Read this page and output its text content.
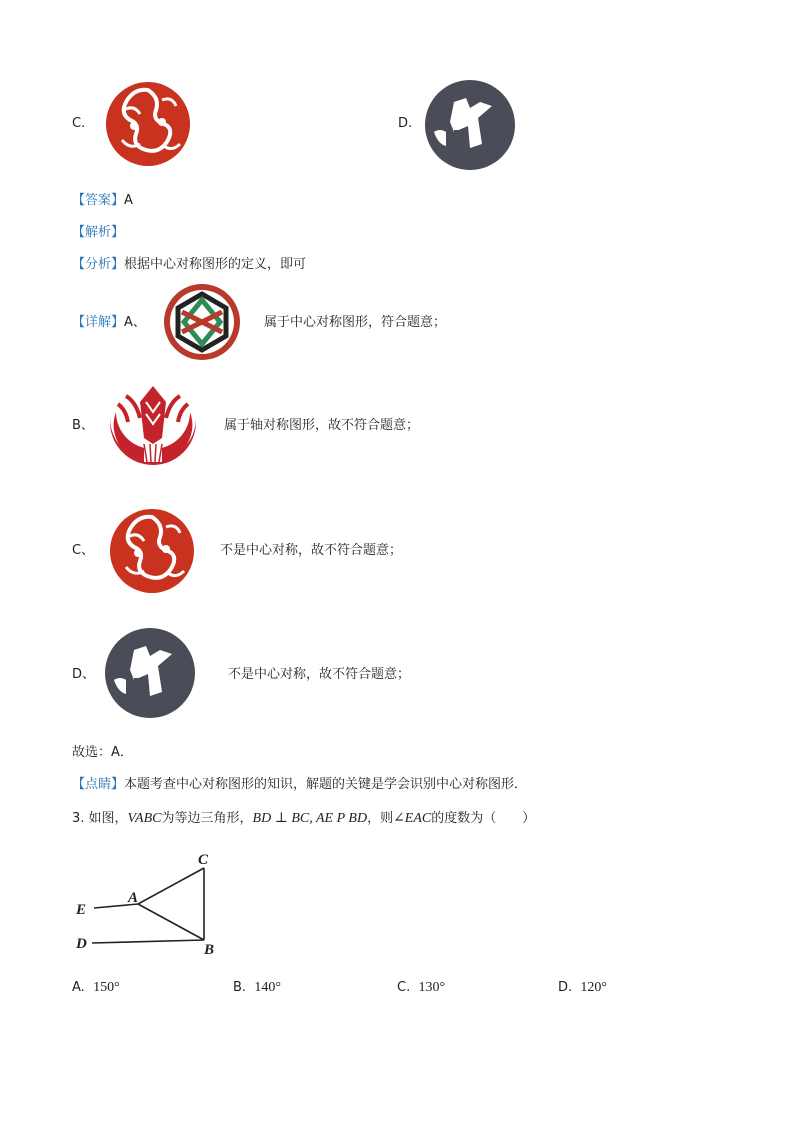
C.	D.
【答案】A
【解析】
【分析】根据中心对称图形的定义，即可
【详解】A、	属于中心对称图形，符合题意；
B、	属于轴对称图形，故不符合题意；
C、	不是中心对称，故不符合题意；
D、	不是中心对称，故不符合题意；
故选：A．
【点睛】本题考查中心对称图形的知识，解题的关键是学会识别中心对称图形．
3. 如图，VABC为等边三角形，BD ⊥ BC, AE P BD，则∠EAC的度数为（　　）
C
A
E
D	B
A. 150°	B. 140°	C. 130°	D. 120°
